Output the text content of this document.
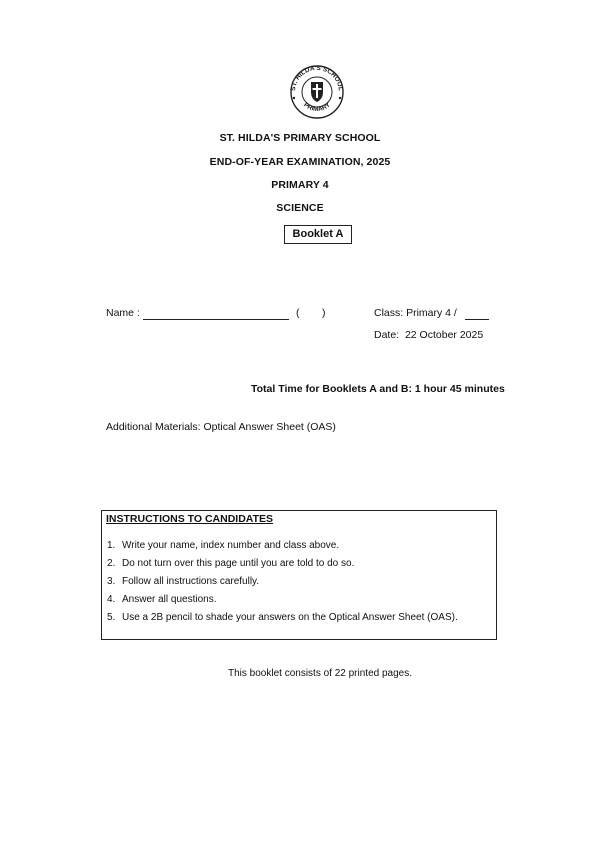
ST. HILDA'S SCHOOL
PRIMARY
ST. HILDA'S PRIMARY SCHOOL
END-OF-YEAR EXAMINATION, 2025
PRIMARY 4
SCIENCE
Booklet A
Name :	( )	Class: Primary 4 /
Date: 22 October 2025
Total Time for Booklets A and B: 1 hour 45 minutes
Additional Materials: Optical Answer Sheet (OAS)
INSTRUCTIONS TO CANDIDATES
1. Write your name, index number and class above.
2. Do not turn over this page until you are told to do so.
3. Follow all instructions carefully.
4. Answer all questions.
5. Use a 2B pencil to shade your answers on the Optical Answer Sheet (OAS).
This booklet consists of 22 printed pages.
